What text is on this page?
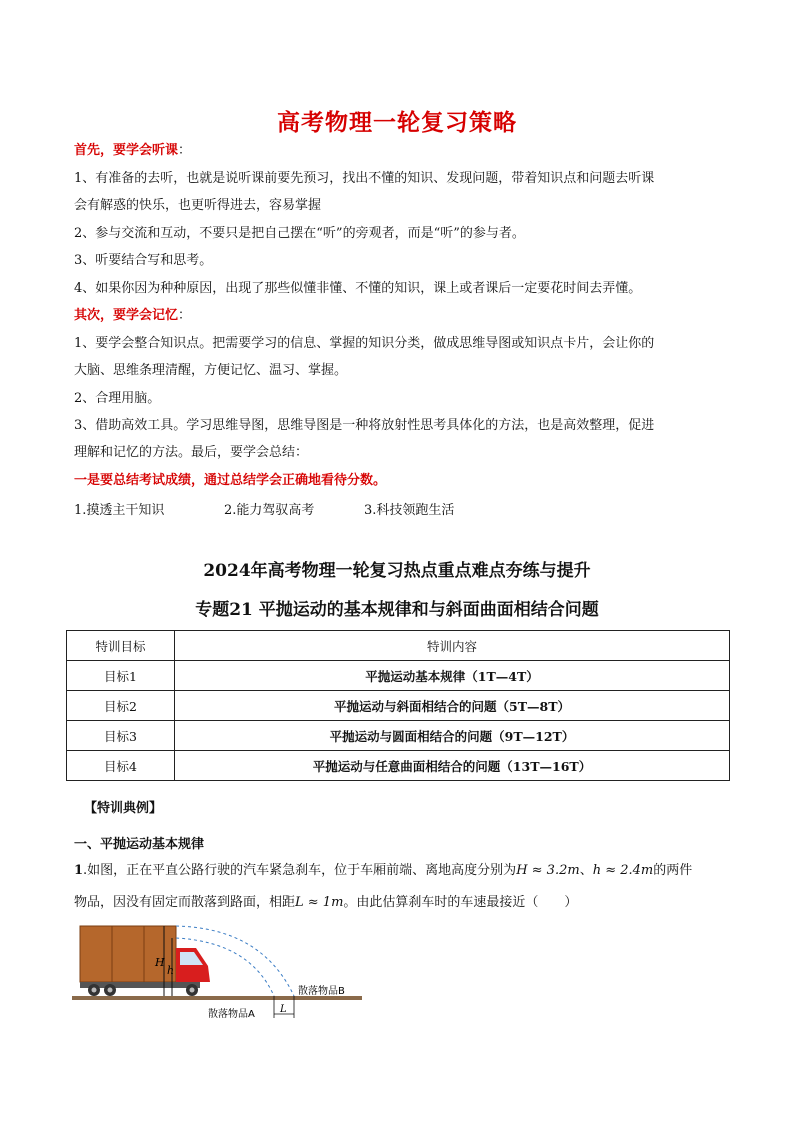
高考物理一轮复习策略
首先，要学会听课：
1、有准备的去听，也就是说听课前要先预习，找出不懂的知识、发现问题，带着知识点和问题去听课
会有解惑的快乐，也更听得进去，容易掌握
2、参与交流和互动，不要只是把自己摆在“听”的旁观者，而是“听”的参与者。
3、听要结合写和思考。
4、如果你因为种种原因，出现了那些似懂非懂、不懂的知识，课上或者课后一定要花时间去弄懂。
其次，要学会记忆：
1、要学会整合知识点。把需要学习的信息、掌握的知识分类，做成思维导图或知识点卡片，会让你的
大脑、思维条理清醒，方便记忆、温习、掌握。
2、合理用脑。
3、借助高效工具。学习思维导图，思维导图是一种将放射性思考具体化的方法，也是高效整理，促进
理解和记忆的方法。最后，要学会总结：
一是要总结考试成绩，通过总结学会正确地看待分数。
1.摸透主干知识	2.能力驾驭高考	3.科技领跑生活
2024年高考物理一轮复习热点重点难点夯练与提升
专题21 平抛运动的基本规律和与斜面曲面相结合问题
特训目标	特训内容
目标1	平抛运动基本规律（1T—4T）
目标2	平抛运动与斜面相结合的问题（5T—8T）
目标3	平抛运动与圆面相结合的问题（9T—12T）
目标4	平抛运动与任意曲面相结合的问题（13T—16T）
【特训典例】
一、平抛运动基本规律
1.如图，正在平直公路行驶的汽车紧急刹车，位于车厢前端、离地高度分别为H ≈ 3.2m、h ≈ 2.4m的两件
物品，因没有固定而散落到路面，相距L ≈ 1m。由此估算刹车时的车速最接近（　　）
H
h
L
散落物品A
散落物品B
